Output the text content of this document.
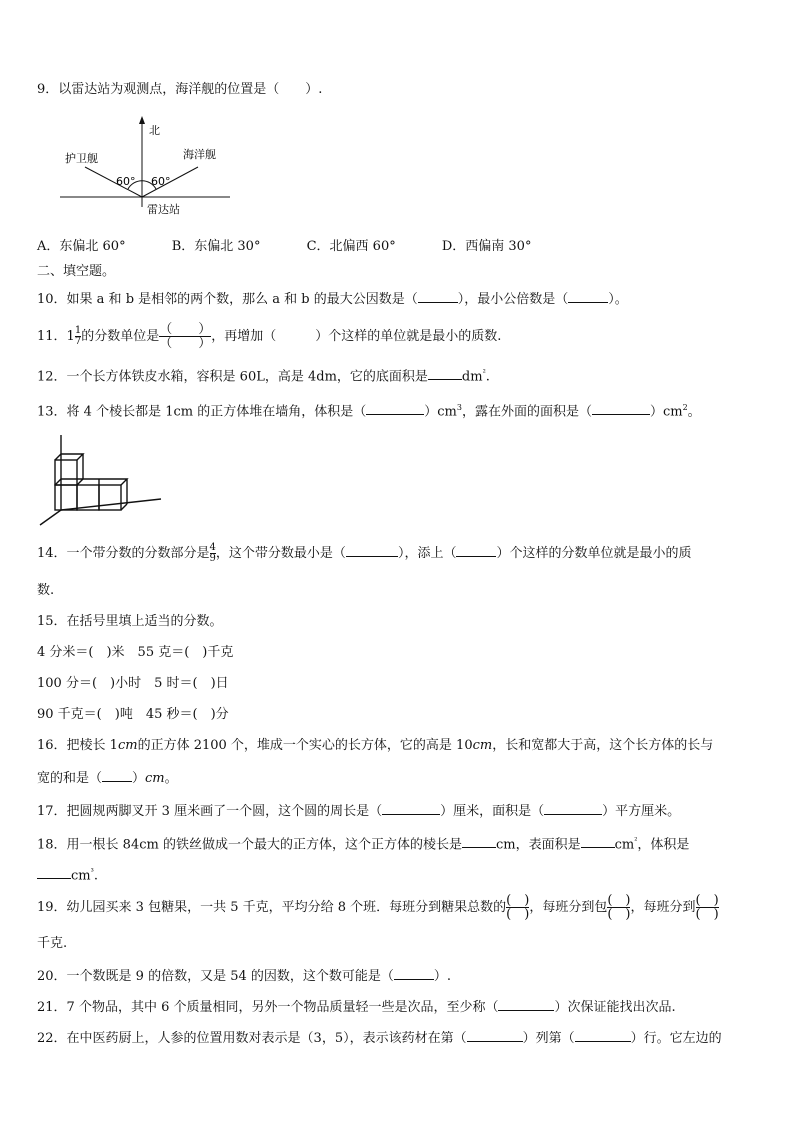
9．以雷达站为观测点，海洋舰的位置是（　　）.
北
护卫舰	海洋舰
60° 60°
雷达站
A．东偏北 60°	B．东偏北 30°	C．北偏西 60°	D．西偏南 30°
二、填空题。
10．如果 a 和 b 是相邻的两个数，那么 a 和 b 的最大公因数是（	），最小公倍数是（	）。
11．$1 \frac{1}{7}$ 的分数单位是 $\frac{( )}{( )}$ ，再增加（　　　）个这样的单位就是最小的质数.
12．一个长方体铁皮水箱，容积是 60L，高是 4dm，它的底面积是	$dm^{^2}$.
13．将 4 个棱长都是 1cm 的正方体堆在墙角，体积是（	）$cm^3$，露在外面的面积是（	）$cm^2$。
14．一个带分数的分数部分是 $\frac{4}{9}$ ，这个带分数最小是（	），添上（	）个这样的分数单位就是最小的质
数.
15．在括号里填上适当的分数。
4 分米＝(　)米　55 克＝(　)千克
100 分＝(　)小时　5 时＝(　)日
90 千克＝(　)吨　45 秒＝(　)分
16．把棱长 1cm的正方体 2100 个，堆成一个实心的长方体，它的高是 10cm，长和宽都大于高，这个长方体的长与
宽的和是（ ）cm。
17．把圆规两脚叉开 3 厘米画了一个圆，这个圆的周长是（	）厘米，面积是（	）平方厘米。
18．用一根长 84cm 的铁丝做成一个最大的正方体，这个正方体的棱长是	cm，表面积是	$cm^{^2}$，体积是
$cm^{^3}$.
19．幼儿园买来 3 包糖果，一共 5 千克，平均分给 8 个班．每班分到糖果总数的 $\frac{( )}{( )}$ ，每班分到包 $\frac{( )}{( )}$ ，每班分到 $\frac{( )}{( )}$
千克.
20．一个数既是 9 的倍数，又是 54 的因数，这个数可能是（	）.
21．7 个物品，其中 6 个质量相同，另外一个物品质量轻一些是次品，至少称（	）次保证能找出次品.
22．在中医药厨上，人参的位置用数对表示是（3，5），表示该药材在第（	）列第（	）行。它左边的
